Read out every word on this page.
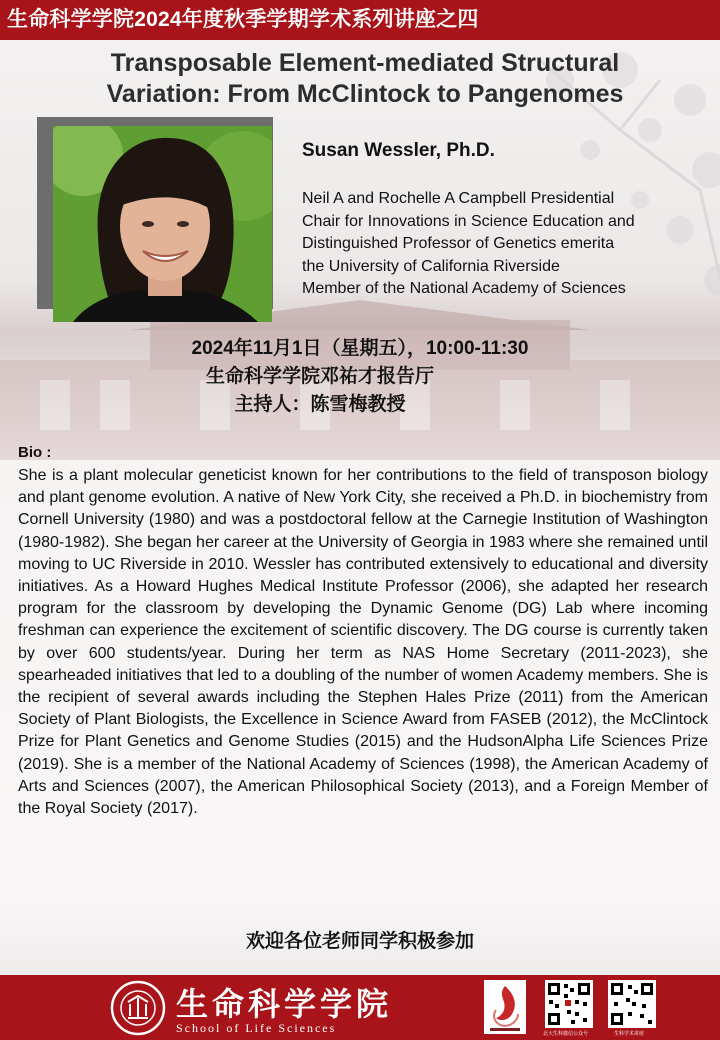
生命科学学院2024年度秋季学期学术系列讲座之四
Transposable Element-mediated Structural
Variation: From McClintock to Pangenomes
Susan Wessler, Ph.D.
Neil A and Rochelle A Campbell Presidential
Chair for Innovations in Science Education and
Distinguished Professor of Genetics emerita
the University of California Riverside
Member of the National Academy of Sciences
2024年11月1日（星期五），10:00-11:30
生命科学学院邓祐才报告厅
主持人：陈雪梅教授
Bio :
She is a plant molecular geneticist known for her contributions to the field of transposon biology and plant genome evolution. A native of New York City, she received a Ph.D. in biochemistry from Cornell University (1980) and was a postdoctoral fellow at the Carnegie Institution of Washington (1980-1982). She began her career at the University of Georgia in 1983 where she remained until moving to UC Riverside in 2010. Wessler has contributed extensively to educational and diversity initiatives. As a Howard Hughes Medical Institute Professor (2006), she adapted her research program for the classroom by developing the Dynamic Genome (DG) Lab where incoming freshman can experience the excitement of scientific discovery. The DG course is currently taken by over 600 students/year. During her term as NAS Home Secretary (2011-2023), she spearheaded initiatives that led to a doubling of the number of women Academy members. She is the recipient of several awards including the Stephen Hales Prize (2011) from the American Society of Plant Biologists, the Excellence in Science Award from FASEB (2012), the McClintock Prize for Plant Genetics and Genome Studies (2015) and the HudsonAlpha Life Sciences Prize (2019). She is a member of the National Academy of Sciences (1998), the American Academy of Arts and Sciences (2007), the American Philosophical Society (2013), and a Foreign Member of the Royal Society (2017).
欢迎各位老师同学积极参加
生命科学学院
School of Life Sciences	北大生科微信公众号	生科学术讲座
